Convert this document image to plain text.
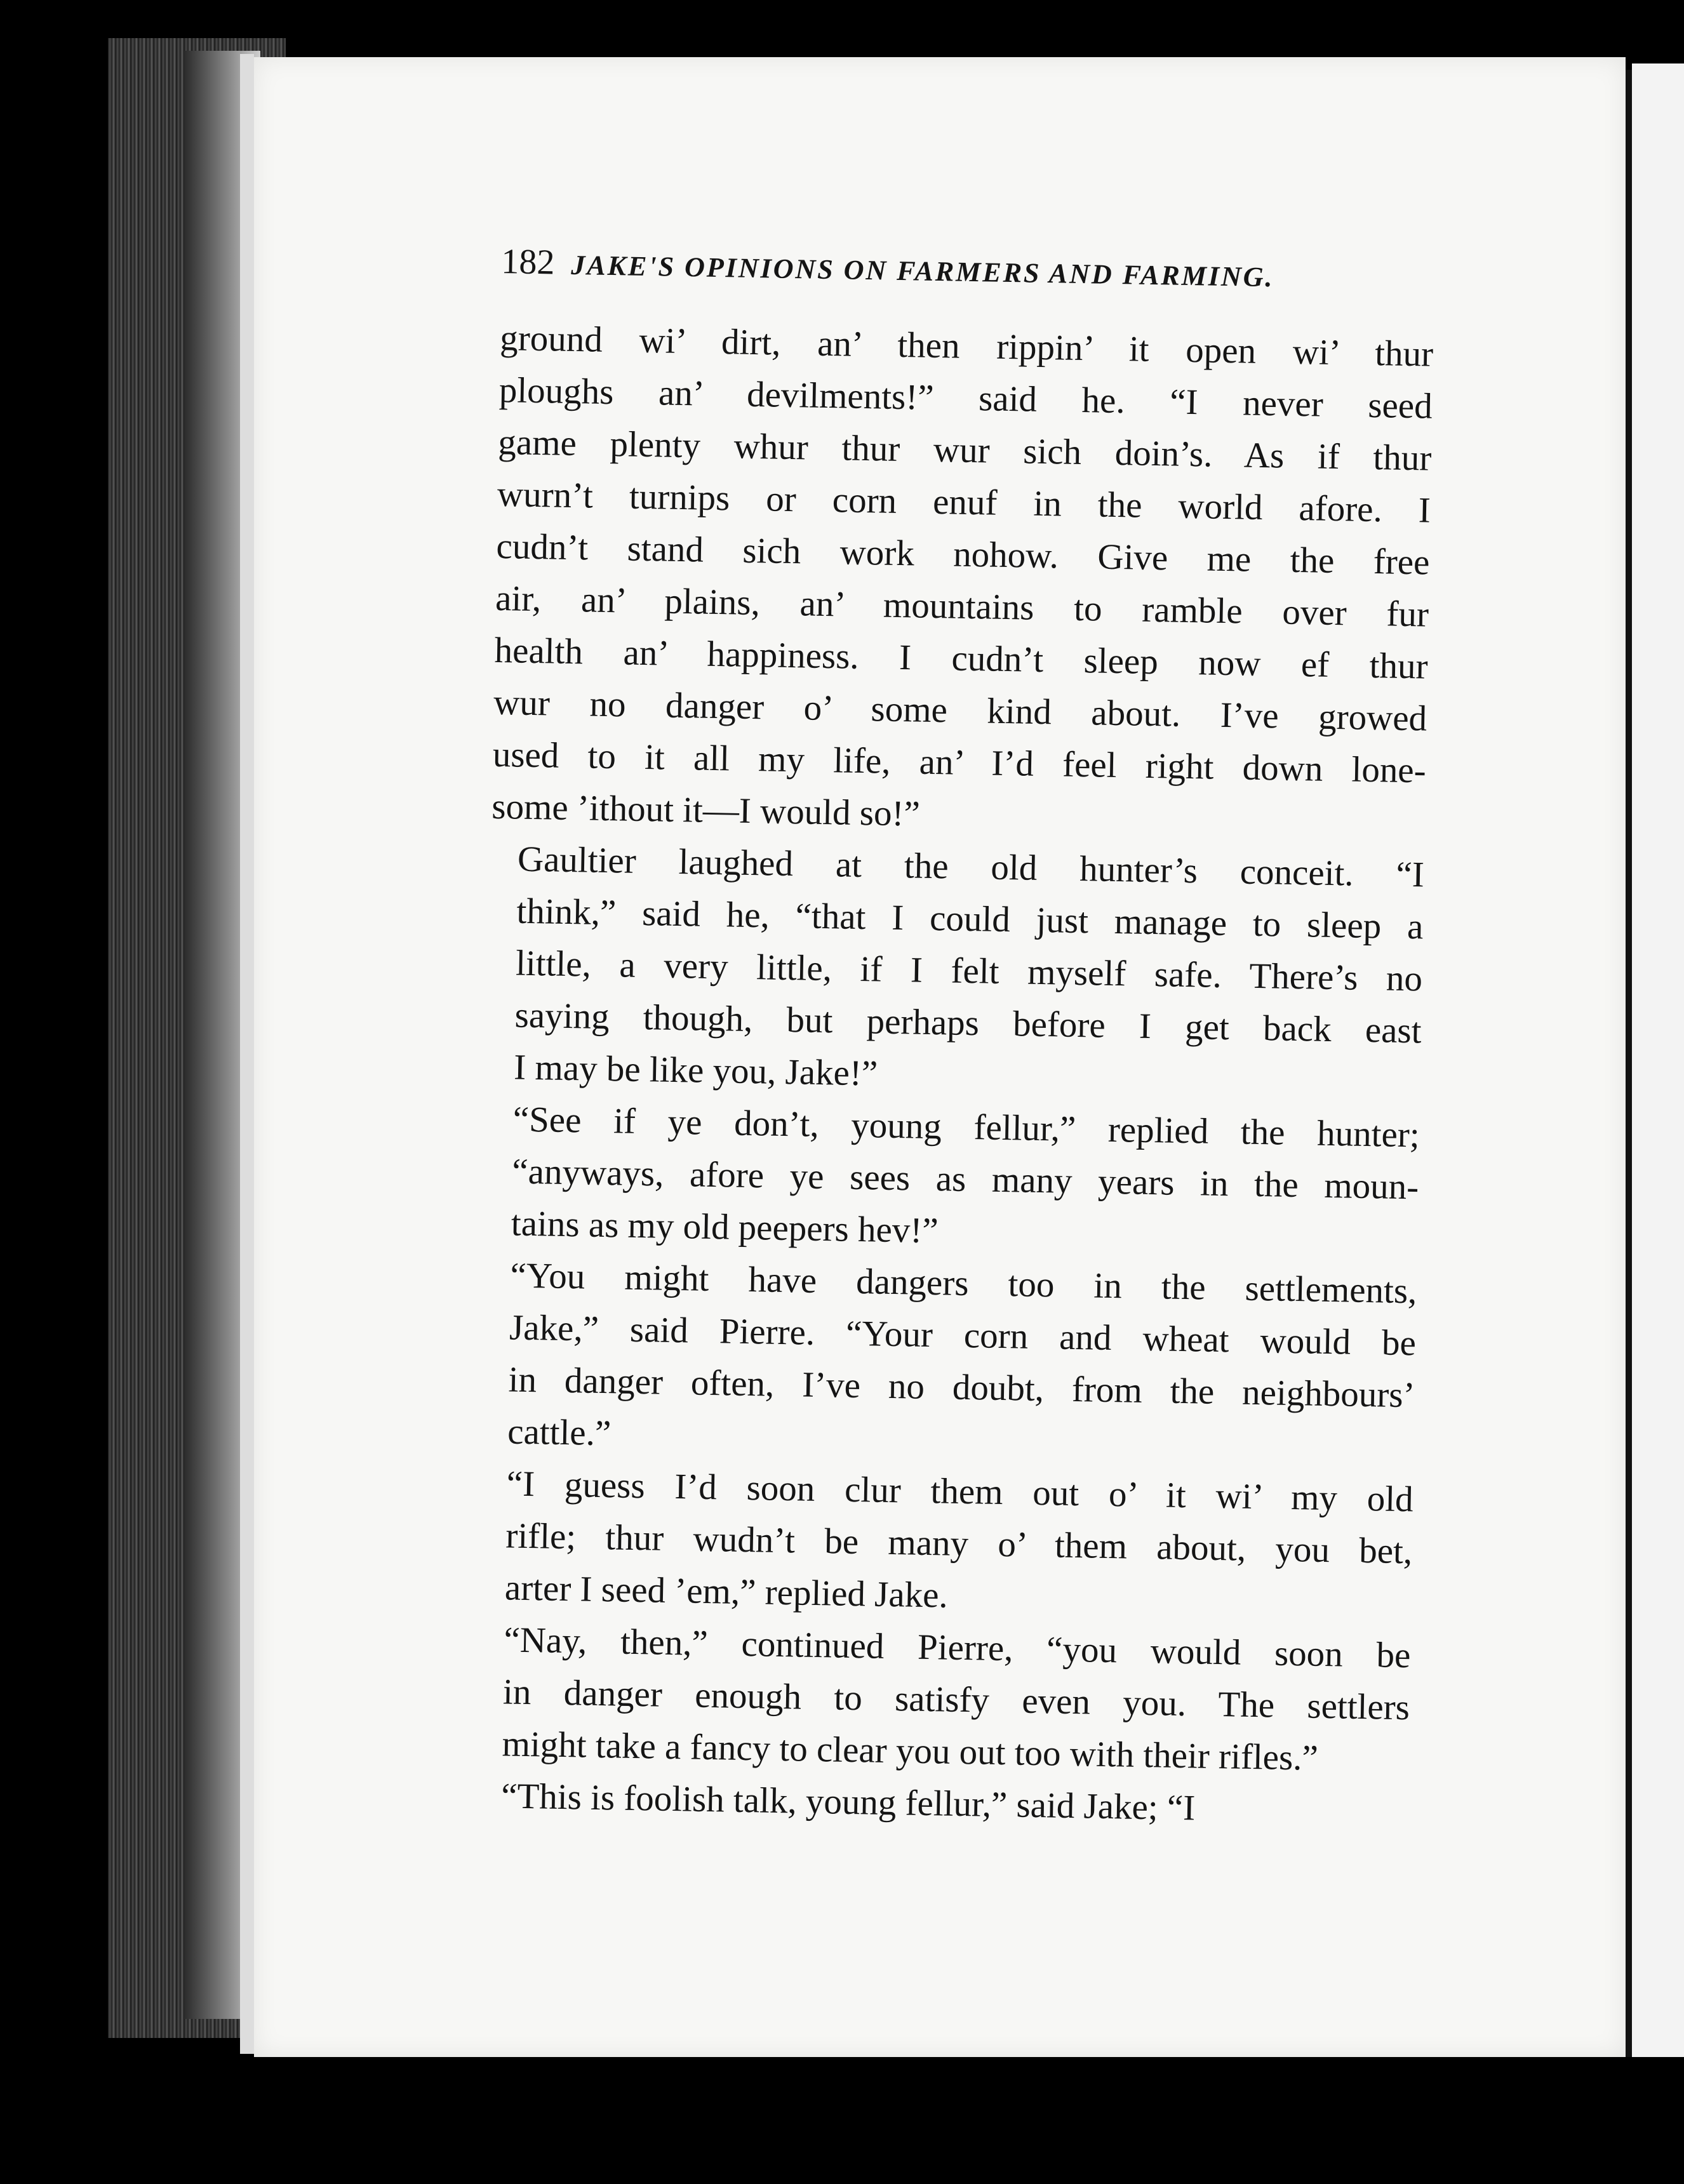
182 JAKE'S OPINIONS ON FARMERS AND FARMING.
ground wi’ dirt, an’ then rippin’ it open wi’ thur
ploughs an’ devilments!” said he. “I never seed
game plenty whur thur wur sich doin’s. As if thur
wurn’t turnips or corn enuf in the world afore. I
cudn’t stand sich work nohow. Give me the free
air, an’ plains, an’ mountains to ramble over fur
health an’ happiness. I cudn’t sleep now ef thur
wur no danger o’ some kind about. I’ve growed
used to it all my life, an’ I’d feel right down lone-
some ’ithout it—I would so!”
Gaultier laughed at the old hunter’s conceit. “I
think,” said he, “that I could just manage to sleep a
little, a very little, if I felt myself safe. There’s no
saying though, but perhaps before I get back east
I may be like you, Jake!”
“See if ye don’t, young fellur,” replied the hunter;
“anyways, afore ye sees as many years in the moun-
tains as my old peepers hev!”
“You might have dangers too in the settlements,
Jake,” said Pierre. “Your corn and wheat would be
in danger often, I’ve no doubt, from the neighbours’
cattle.”
“I guess I’d soon clur them out o’ it wi’ my old
rifle; thur wudn’t be many o’ them about, you bet,
arter I seed ’em,” replied Jake.
“Nay, then,” continued Pierre, “you would soon be
in danger enough to satisfy even you. The settlers
might take a fancy to clear you out too with their rifles.”
“This is foolish talk, young fellur,” said Jake; “I
